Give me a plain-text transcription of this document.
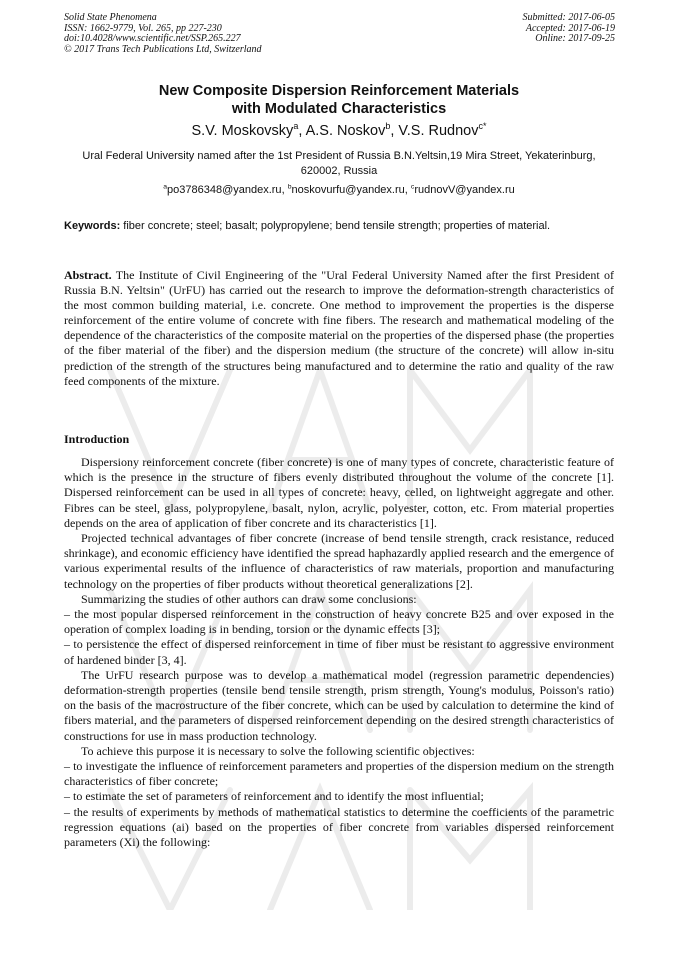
Solid State Phenomena
ISSN: 1662-9779, Vol. 265, pp 227-230
doi:10.4028/www.scientific.net/SSP.265.227
© 2017 Trans Tech Publications Ltd, Switzerland
Submitted: 2017-06-05
Accepted: 2017-06-19
Online: 2017-09-25
New Composite Dispersion Reinforcement Materials
with Modulated Characteristics
S.V. Moskovsky$^a$, A.S. Noskov$^b$, V.S. Rudnov$^{c*}$
Ural Federal University named after the 1st President of Russia B.N.Yeltsin,19 Mira Street, Yekaterinburg, 620002, Russia
$^a$po3786348@yandex.ru, $^b$noskovurfu@yandex.ru, $^c$rudnovV@yandex.ru
Keywords: fiber concrete; steel; basalt; polypropylene; bend tensile strength; properties of material.
Abstract. The Institute of Civil Engineering of the "Ural Federal University Named after the first President of Russia B.N. Yeltsin" (UrFU) has carried out the research to improve the deformation-strength characteristics of the most common building material, i.e. concrete. One method to improvement the properties is the disperse reinforcement of the entire volume of concrete with fine fibers. The research and mathematical modeling of the dependence of the characteristics of the composite material on the properties of the dispersed phase (the properties of the fiber material of the fiber) and the dispersion medium (the structure of the concrete) will allow in-situ prediction of the strength of the structures being manufactured and to determine the ratio and quality of the raw feed components of the mixture.
Introduction

Dispersiony reinforcement concrete (fiber concrete) is one of many types of concrete, characteristic feature of which is the presence in the structure of fibers evenly distributed throughout the volume of the concrete [1]. Dispersed reinforcement can be used in all types of concrete: heavy, celled, on lightweight aggregate and other. Fibres can be steel, glass, polypropylene, basalt, nylon, acrylic, polyester, cotton, etc. From material properties depends on the area of application of fiber concrete and its characteristics [1].

Projected technical advantages of fiber concrete (increase of bend tensile strength, crack resistance, reduced shrinkage), and economic efficiency have identified the spread haphazardly applied research and the emergence of various experimental results of the influence of characteristics of raw materials, proportion and manufacturing technology on the properties of fiber products without theoretical generalizations [2].

Summarizing the studies of other authors can draw some conclusions:

– the most popular dispersed reinforcement in the construction of heavy concrete B25 and over exposed in the operation of complex loading is in bending, torsion or the dynamic effects [3];

– to persistence the effect of dispersed reinforcement in time of fiber must be resistant to aggressive environment of hardened binder [3, 4].

The UrFU research purpose was to develop a mathematical model (regression parametric dependencies) deformation-strength properties (tensile bend tensile strength, prism strength, Young's modulus, Poisson's ratio) on the basis of the macrostructure of the fiber concrete, which can be used by calculation to determine the kind of fibers material, and the parameters of dispersed reinforcement depending on the desired strength characteristics of constructions for use in mass production technology.

To achieve this purpose it is necessary to solve the following scientific objectives:

– to investigate the influence of reinforcement parameters and properties of the dispersion medium on the strength characteristics of fiber concrete;

– to estimate the set of parameters of reinforcement and to identify the most influential;

– the results of experiments by methods of mathematical statistics to determine the coefficients of the parametric regression equations (ai) based on the properties of fiber concrete from variables dispersed reinforcement parameters (Xi) the following:
